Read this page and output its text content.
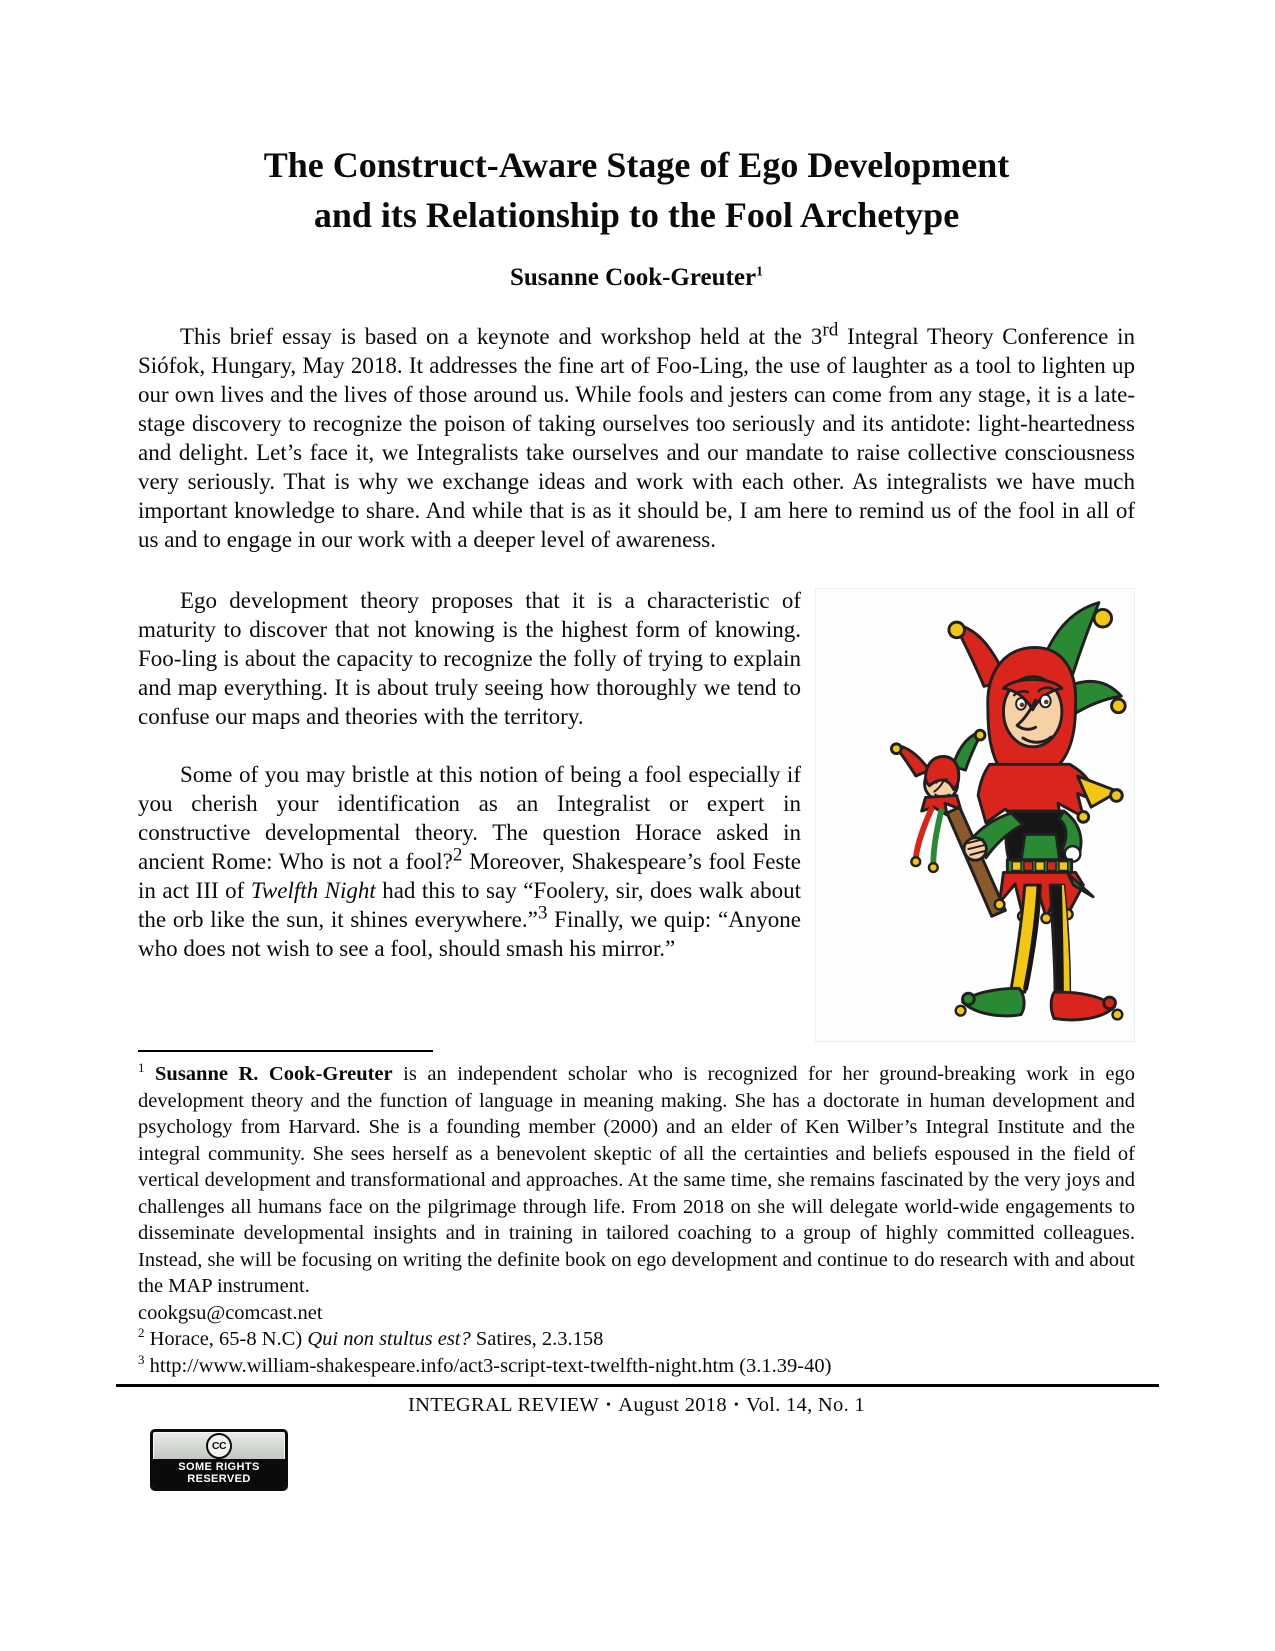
The Construct-Aware Stage of Ego Development
and its Relationship to the Fool Archetype
Susanne Cook-Greuter$^1$

This brief essay is based on a keynote and workshop held at the 3rd Integral Theory Conference in Siófok, Hungary, May 2018. It addresses the fine art of Foo-Ling, the use of laughter as a tool to lighten up our own lives and the lives of those around us. While fools and jesters can come from any stage, it is a late-stage discovery to recognize the poison of taking ourselves too seriously and its antidote: light-heartedness and delight. Let’s face it, we Integralists take ourselves and our mandate to raise collective consciousness very seriously. That is why we exchange ideas and work with each other. As integralists we have much important knowledge to share. And while that is as it should be, I am here to remind us of the fool in all of us and to engage in our work with a deeper level of awareness.

Ego development theory proposes that it is a characteristic of maturity to discover that not knowing is the highest form of knowing. Foo-ling is about the capacity to recognize the folly of trying to explain and map everything. It is about truly seeing how thoroughly we tend to confuse our maps and theories with the territory.

Some of you may bristle at this notion of being a fool especially if you cherish your identification as an Integralist or expert in constructive developmental theory. The question Horace asked in ancient Rome: Who is not a fool?$^2$ Moreover, Shakespeare’s fool Feste in act III of Twelfth Night had this to say “Foolery, sir, does walk about the orb like the sun, it shines everywhere.”$^3$ Finally, we quip: “Anyone who does not wish to see a fool, should smash his mirror.”

$^1$ Susanne R. Cook-Greuter is an independent scholar who is recognized for her ground-breaking work in ego development theory and the function of language in meaning making. She has a doctorate in human development and psychology from Harvard. She is a founding member (2000) and an elder of Ken Wilber’s Integral Institute and the integral community. She sees herself as a benevolent skeptic of all the certainties and beliefs espoused in the field of vertical development and transformational and approaches. At the same time, she remains fascinated by the very joys and challenges all humans face on the pilgrimage through life. From 2018 on she will delegate world-wide engagements to disseminate developmental insights and in training in tailored coaching to a group of highly committed colleagues. Instead, she will be focusing on writing the definite book on ego development and continue to do research with and about the MAP instrument.

cookgsu@comcast.net

$^2$ Horace, 65-8 N.C) Qui non stultus est? Satires, 2.3.158

$^3$ http://www.william-shakespeare.info/act3-script-text-twelfth-night.htm (3.1.39-40)

INTEGRAL REVIEW • August 2018 • Vol. 14, No. 1
CC
SOME RIGHTS RESERVED
